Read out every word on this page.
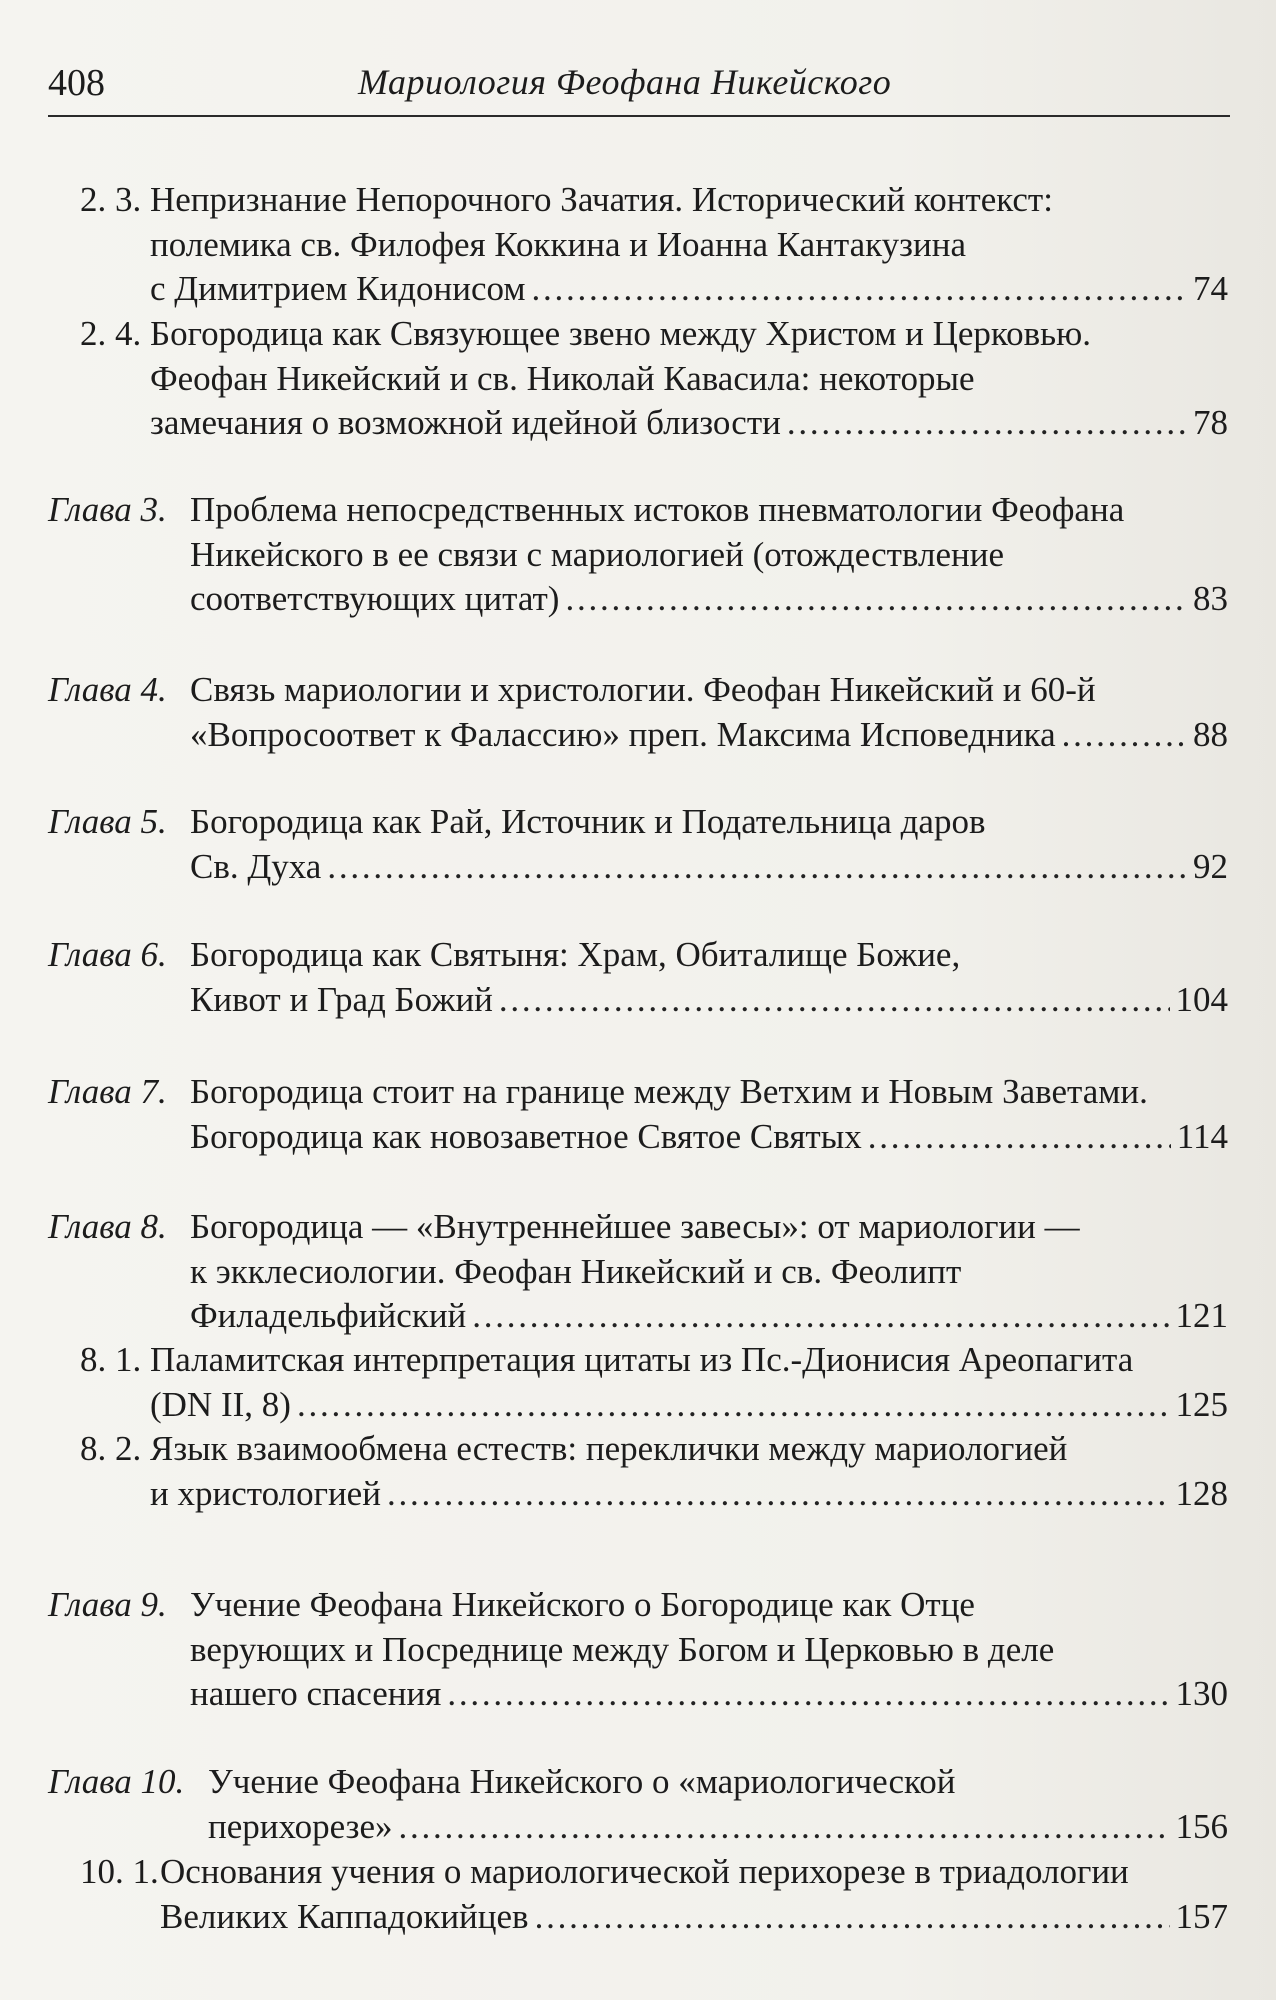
408	Мариология Феофана Никейского
2. 3. Непризнание Непорочного Зачатия. Исторический контекст:
полемика св. Филофея Коккина и Иоанна Кантакузина
с Димитрием Кидонисом . . .	74
2. 4. Богородица как Связующее звено между Христом и Церковью.
Феофан Никейский и св. Николай Кавасила: некоторые
замечания о возможной идейной близости . . .	78
Глава 3. Проблема непосредственных истоков пневматологии Феофана
Никейского в ее связи с мариологией (отождествление
соответствующих цитат) . . .	83
Глава 4. Связь мариологии и христологии. Феофан Никейский и 60-й
«Вопросоответ к Фалассию» преп. Максима Исповедника . . .	88
Глава 5. Богородица как Рай, Источник и Подательница даров
Св. Духа . . .	92
Глава 6. Богородица как Святыня: Храм, Обиталище Божие,
Кивот и Град Божий . . .	104
Глава 7. Богородица стоит на границе между Ветхим и Новым Заветами.
Богородица как новозаветное Святое Святых . . .	114
Глава 8. Богородица — «Внутреннейшее завесы»: от мариологии —
к экклесиологии. Феофан Никейский и св. Феолипт
Филадельфийский . . .	121
8. 1. Паламитская интерпретация цитаты из Пс.-Дионисия Ареопагита
(DN II, 8) . . .	125
8. 2. Язык взаимообмена естеств: переклички между мариологией
и христологией . . .	128
Глава 9. Учение Феофана Никейского о Богородице как Отце
верующих и Посреднице между Богом и Церковью в деле
нашего спасения . . .	130
Глава 10. Учение Феофана Никейского о «мариологической
перихорезе» . . .	156
10. 1. Основания учения о мариологической перихорезе в триадологии
Великих Каппадокийцев . . .	157
